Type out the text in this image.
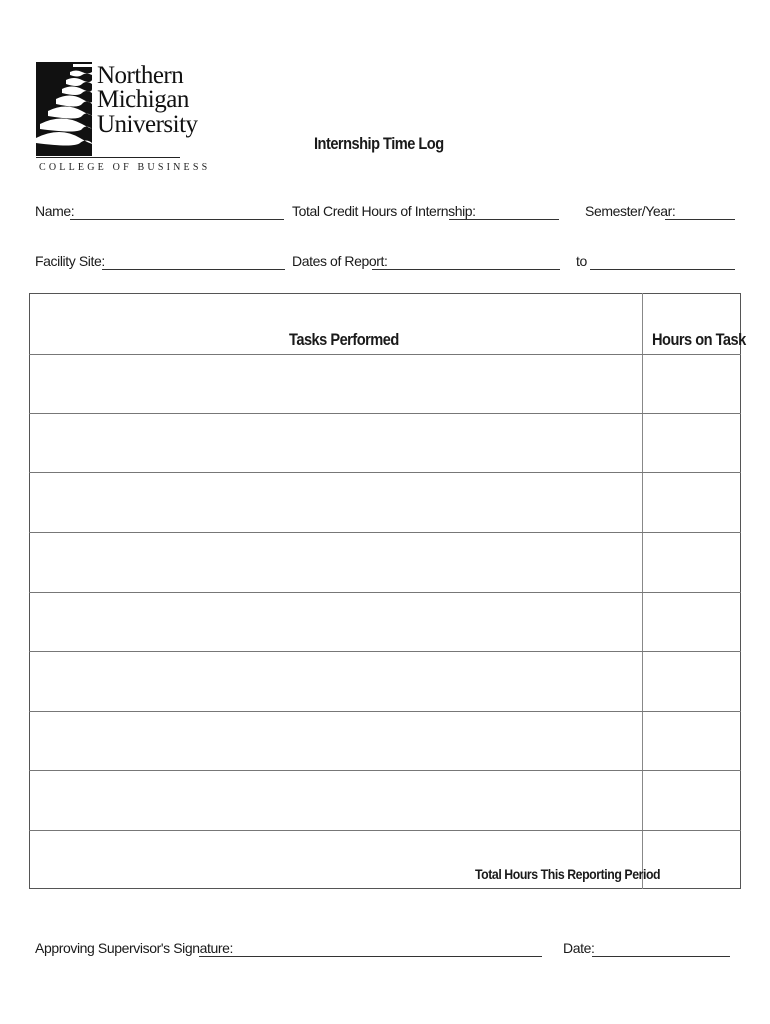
Northern
Michigan
University
COLLEGE OF BUSINESS
Internship Time Log
Name:	Total Credit Hours of Internship:	Semester/Year:
Facility Site:	Dates of Report:	to
Tasks Performed	Hours on Task
Total Hours This Reporting Period
Approving Supervisor's Signature:	Date:
